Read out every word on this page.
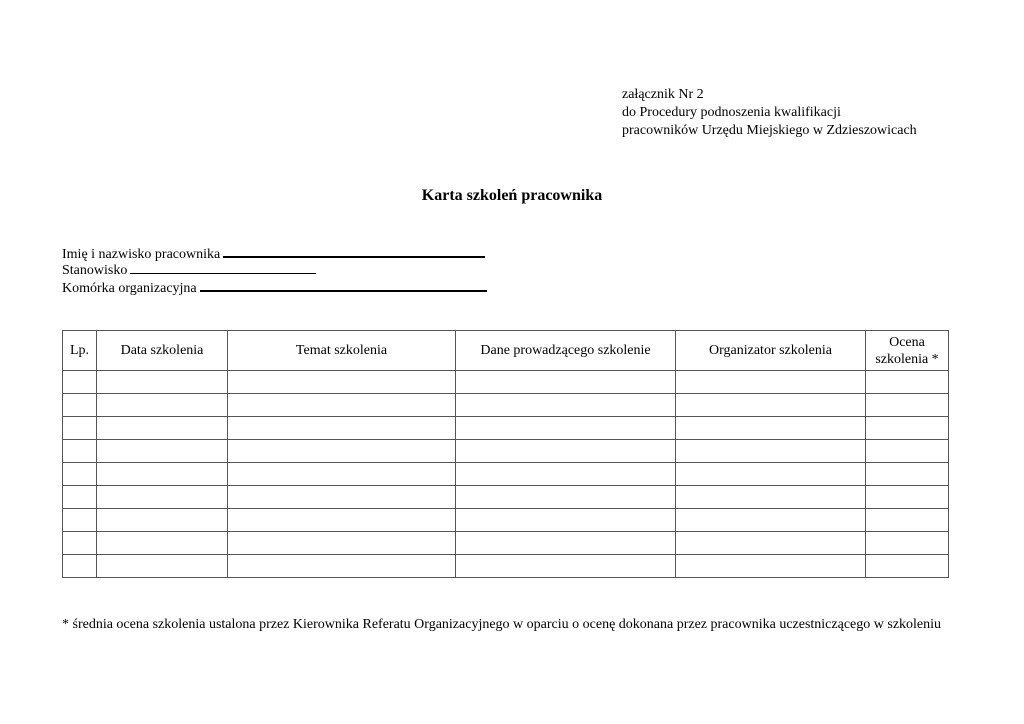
załącznik Nr 2
do Procedury podnoszenia kwalifikacji
pracowników Urzędu Miejskiego w Zdzieszowicach
Karta szkoleń pracownika
Imię i nazwisko pracownika
Stanowisko
Komórka organizacyjna
Lp.	Data szkolenia	Temat szkolenia	Dane prowadzącego szkolenie	Organizator szkolenia	Ocena szkolenia *

* średnia ocena szkolenia ustalona przez Kierownika Referatu Organizacyjnego w oparciu o ocenę dokonana przez pracownika uczestniczącego w szkoleniu
